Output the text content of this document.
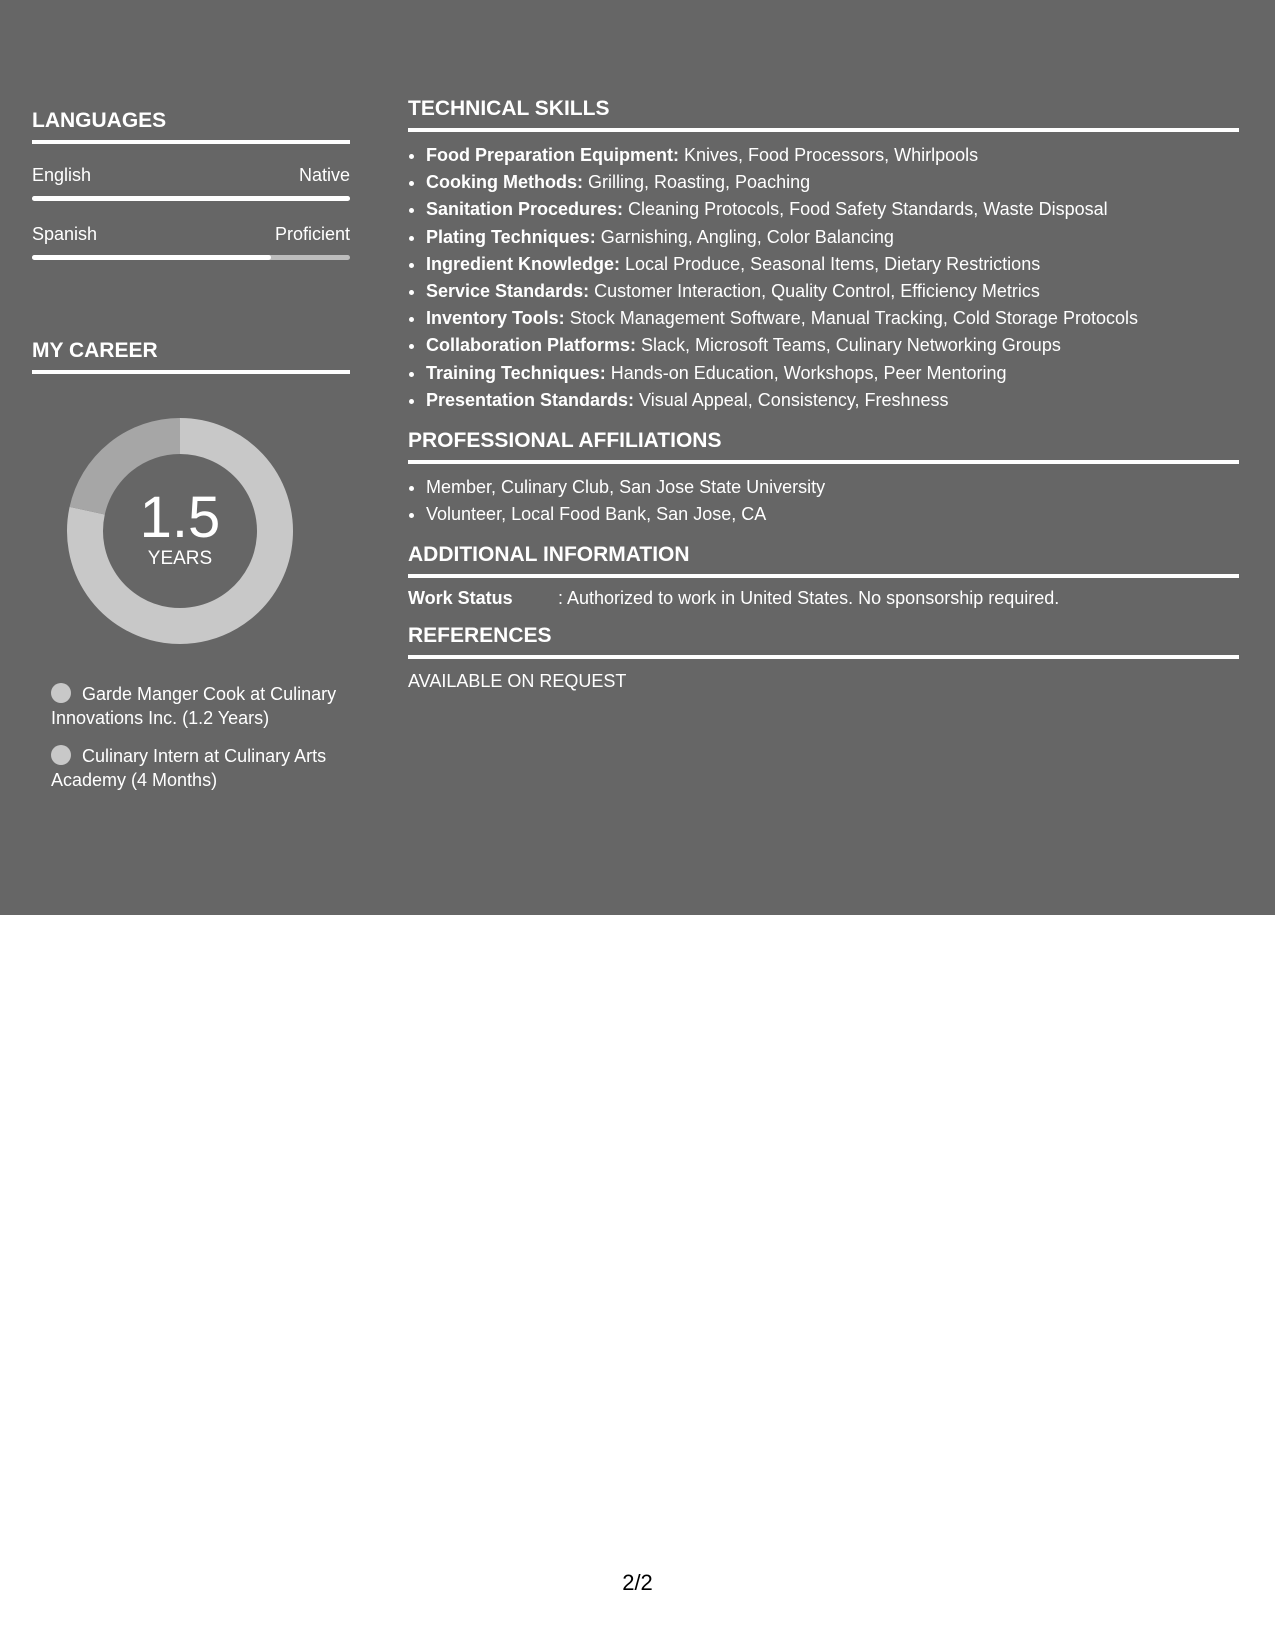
LANGUAGES
English	Native
Spanish	Proficient
MY CAREER
1.5
YEARS
Garde Manger Cook at Culinary Innovations Inc. (1.2 Years)
Culinary Intern at Culinary Arts Academy (4 Months)
TECHNICAL SKILLS
• Food Preparation Equipment: Knives, Food Processors, Whirlpools
• Cooking Methods: Grilling, Roasting, Poaching
• Sanitation Procedures: Cleaning Protocols, Food Safety Standards, Waste Disposal
• Plating Techniques: Garnishing, Angling, Color Balancing
• Ingredient Knowledge: Local Produce, Seasonal Items, Dietary Restrictions
• Service Standards: Customer Interaction, Quality Control, Efficiency Metrics
• Inventory Tools: Stock Management Software, Manual Tracking, Cold Storage Protocols
• Collaboration Platforms: Slack, Microsoft Teams, Culinary Networking Groups
• Training Techniques: Hands-on Education, Workshops, Peer Mentoring
• Presentation Standards: Visual Appeal, Consistency, Freshness
PROFESSIONAL AFFILIATIONS
• Member, Culinary Club, San Jose State University
• Volunteer, Local Food Bank, San Jose, CA
ADDITIONAL INFORMATION
Work Status	: Authorized to work in United States. No sponsorship required.
REFERENCES
AVAILABLE ON REQUEST
2/2
